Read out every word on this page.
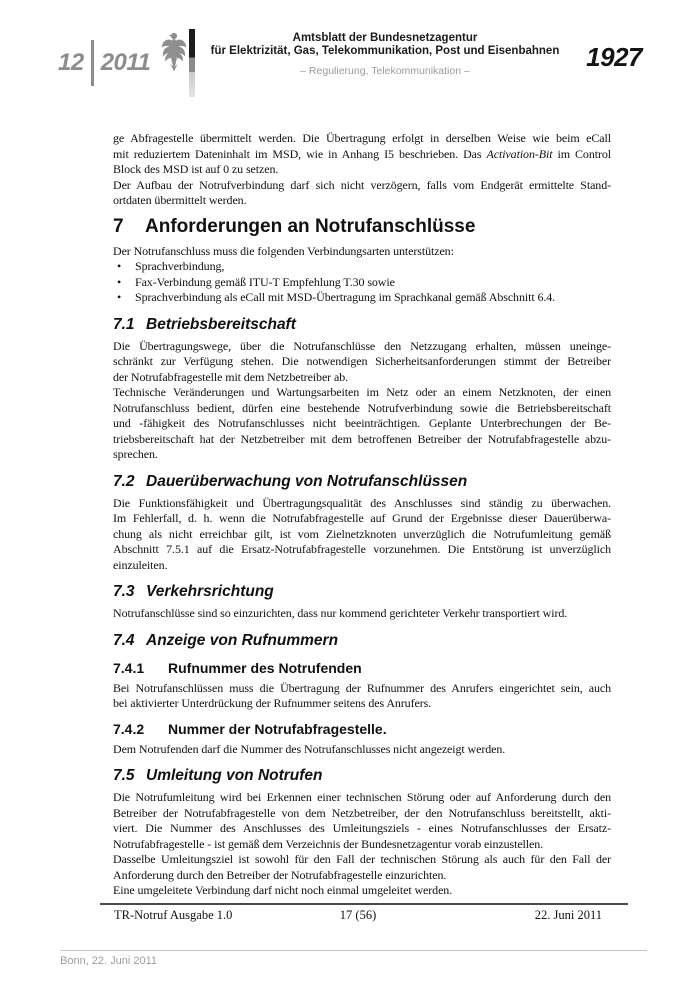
12 2011
Amtsblatt der Bundesnetzagentur
für Elektrizität, Gas, Telekommunikation, Post und Eisenbahnen
– Regulierung, Telekommunikation –	1927
ge Abfragestelle übermittelt werden. Die Übertragung erfolgt in derselben Weise wie beim eCall
mit reduziertem Dateninhalt im MSD, wie in Anhang I5 beschrieben. Das Activation-Bit im Control
Block des MSD ist auf 0 zu setzen.
Der Aufbau der Notrufverbindung darf sich nicht verzögern, falls vom Endgerät ermittelte Stand-
ortdaten übermittelt werden.
7	Anforderungen an Notrufanschlüsse
Der Notrufanschluss muss die folgenden Verbindungsarten unterstützen:
•	Sprachverbindung,
•	Fax-Verbindung gemäß ITU-T Empfehlung T.30 sowie
•	Sprachverbindung als eCall mit MSD-Übertragung im Sprachkanal gemäß Abschnitt 6.4.
7.1 Betriebsbereitschaft
Die Übertragungswege, über die Notrufanschlüsse den Netzzugang erhalten, müssen uneinge-
schränkt zur Verfügung stehen. Die notwendigen Sicherheitsanforderungen stimmt der Betreiber
der Notrufabfragestelle mit dem Netzbetreiber ab.
Technische Veränderungen und Wartungsarbeiten im Netz oder an einem Netzknoten, der einen
Notrufanschluss bedient, dürfen eine bestehende Notrufverbindung sowie die Betriebsbereitschaft
und -fähigkeit des Notrufanschlusses nicht beeinträchtigen. Geplante Unterbrechungen der Be-
triebsbereitschaft hat der Netzbetreiber mit dem betroffenen Betreiber der Notrufabfragestelle abzu-
sprechen.
7.2 Dauerüberwachung von Notrufanschlüssen
Die Funktionsfähigkeit und Übertragungsqualität des Anschlusses sind ständig zu überwachen.
Im Fehlerfall, d. h. wenn die Notrufabfragestelle auf Grund der Ergebnisse dieser Dauerüberwa-
chung als nicht erreichbar gilt, ist vom Zielnetzknoten unverzüglich die Notrufumleitung gemäß
Abschnitt 7.5.1 auf die Ersatz-Notrufabfragestelle vorzunehmen. Die Entstörung ist unverzüglich
einzuleiten.
7.3 Verkehrsrichtung
Notrufanschlüsse sind so einzurichten, dass nur kommend gerichteter Verkehr transportiert wird.
7.4 Anzeige von Rufnummern
7.4.1	Rufnummer des Notrufenden
Bei Notrufanschlüssen muss die Übertragung der Rufnummer des Anrufers eingerichtet sein, auch
bei aktivierter Unterdrückung der Rufnummer seitens des Anrufers.
7.4.2	Nummer der Notrufabfragestelle.
Dem Notrufenden darf die Nummer des Notrufanschlusses nicht angezeigt werden.
7.5 Umleitung von Notrufen
Die Notrufumleitung wird bei Erkennen einer technischen Störung oder auf Anforderung durch den
Betreiber der Notrufabfragestelle von dem Netzbetreiber, der den Notrufanschluss bereitstellt, akti-
viert. Die Nummer des Anschlusses des Umleitungsziels - eines Notrufanschlusses der Ersatz-
Notrufabfragestelle - ist gemäß dem Verzeichnis der Bundesnetzagentur vorab einzustellen.
Dasselbe Umleitungsziel ist sowohl für den Fall der technischen Störung als auch für den Fall der
Anforderung durch den Betreiber der Notrufabfragestelle einzurichten.
Eine umgeleitete Verbindung darf nicht noch einmal umgeleitet werden.
TR-Notruf Ausgabe 1.0	17 (56)	22. Juni 2011
Bonn, 22. Juni 2011
